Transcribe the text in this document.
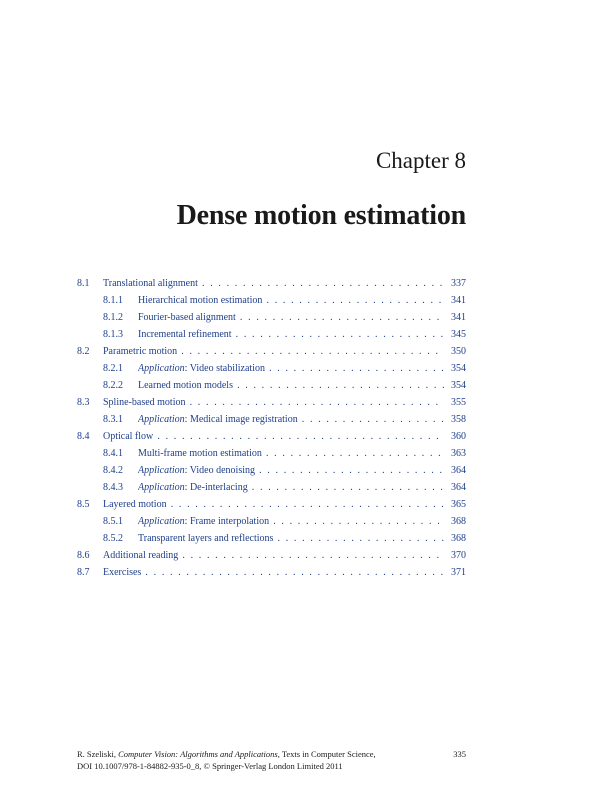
Chapter 8
Dense motion estimation
8.1 Translational alignment . . .	337
8.1.1 Hierarchical motion estimation . . .	341
8.1.2 Fourier-based alignment . . .	341
8.1.3 Incremental refinement . . .	345
8.2 Parametric motion . . .	350
8.2.1 Application: Video stabilization . . .	354
8.2.2 Learned motion models . . .	354
8.3 Spline-based motion . . .	355
8.3.1 Application: Medical image registration . . .	358
8.4 Optical flow . . .	360
8.4.1 Multi-frame motion estimation . . .	363
8.4.2 Application: Video denoising . . .	364
8.4.3 Application: De-interlacing . . .	364
8.5 Layered motion . . .	365
8.5.1 Application: Frame interpolation . . .	368
8.5.2 Transparent layers and reflections . . .	368
8.6 Additional reading . . .	370
8.7 Exercises . . .	371
R. Szeliski, Computer Vision: Algorithms and Applications, Texts in Computer Science,	335
DOI 10.1007/978-1-84882-935-0_8, © Springer-Verlag London Limited 2011
